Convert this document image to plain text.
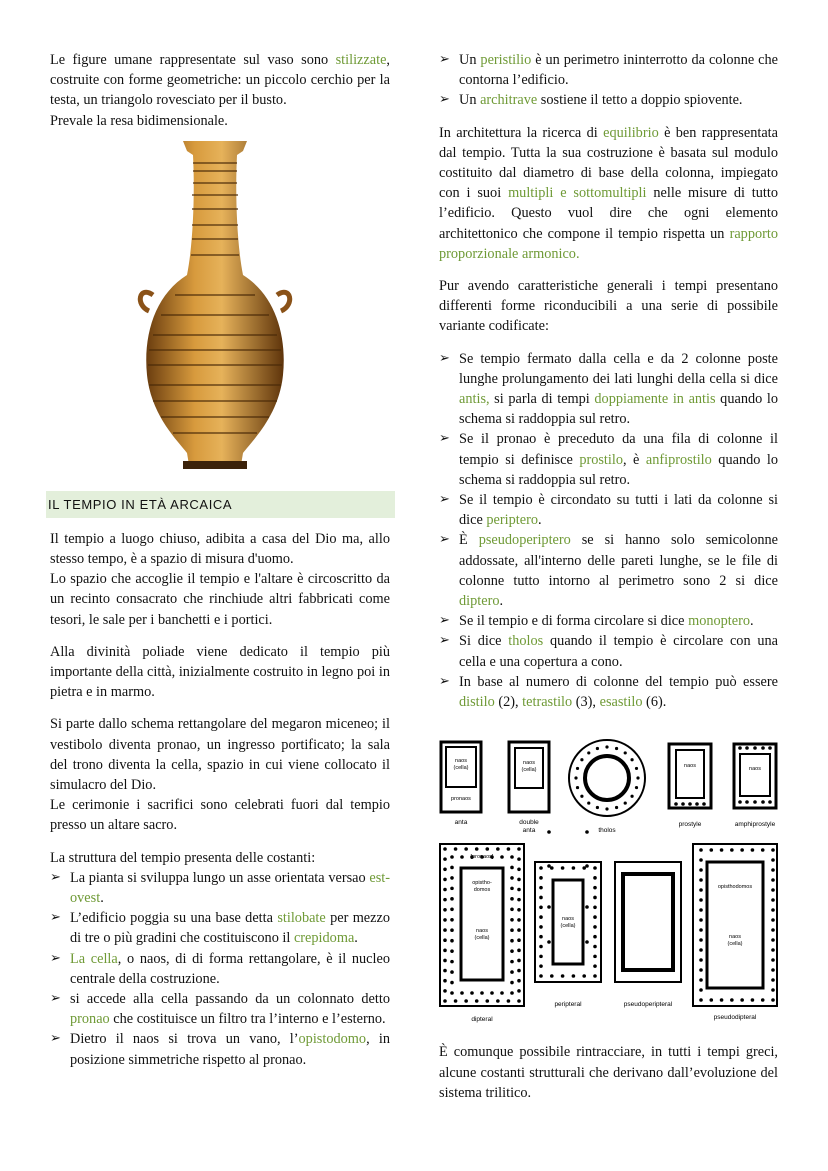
Le figure umane rappresentate sul vaso sono stilizzate, costruite con forme geometriche: un piccolo cerchio per la testa, un triangolo rovesciato per il busto.

Prevale la resa bidimensionale.

IL TEMPIO IN ETÀ ARCAICA

Il tempio a luogo chiuso, adibita a casa del Dio ma, allo stesso tempo, è a spazio di misura d'uomo.

Lo spazio che accoglie il tempio e l'altare è circoscritto da un recinto consacrato che rinchiude altri fabbricati come tesori, le sale per i banchetti e i portici.

Alla divinità poliade viene dedicato il tempio più importante della città, inizialmente costruito in legno poi in pietra e in marmo.

Si parte dallo schema rettangolare del megaron miceneo; il vestibolo diventa pronao, un ingresso portificato; la sala del trono diventa la cella, spazio in cui viene collocato il simulacro del Dio.

Le cerimonie i sacrifici sono celebrati fuori dal tempio presso un altare sacro.

La struttura del tempio presenta delle costanti:

➢ La pianta si sviluppa lungo un asse orientata versao est-ovest.
➢ L’edificio poggia su una base detta stilobate per mezzo di tre o più gradini che costituiscono il crepidoma.
➢ La cella, o naos, di di forma rettangolare, è il nucleo centrale della costruzione.
➢ si accede alla cella passando da un colonnato detto pronao che costituisce un filtro tra l’interno e l’esterno.
➢ Dietro il naos si trova un vano, l’opistodomo, in posizione simmetriche rispetto al pronao.
➢ Un peristilio è un perimetro ininterrotto da colonne che contorna l’edificio.
➢ Un architrave sostiene il tetto a doppio spiovente.

In architettura la ricerca di equilibrio è ben rappresentata dal tempio. Tutta la sua costruzione è basata sul modulo costituito dal diametro di base della colonna, impiegato con i suoi multipli e sottomultipli nelle misure di tutto l’edificio. Questo vuol dire che ogni elemento architettonico che compone il tempio rispetta un rapporto proporzionale armonico.

Pur avendo caratteristiche generali i tempi presentano differenti forme riconducibili a una serie di possibile variante codificate:

➢ Se tempio fermato dalla cella e da 2 colonne poste lunghe prolungamento dei lati lunghi della cella si dice antis, si parla di tempi doppiamente in antis quando lo schema si raddoppia sul retro.
➢ Se il pronao è preceduto da una fila di colonne il tempio si definisce prostilo, è anfiprostilo quando lo schema si raddoppia sul retro.
➢ Se il tempio è circondato su tutti i lati da colonne si dice periptero.
➢ È pseudoperiptero se si hanno solo semicolonne addossate, all'interno delle pareti lunghe, se le file di colonne tutto intorno al perimetro sono 2 si dice diptero.
➢ Se il tempio e di forma circolare si dice monoptero.
➢ Si dice tholos quando il tempio è circolare con una cella e una copertura a cono.
➢ In base al numero di colonne del tempio può essere distilo (2), tetrastilo (3), esastilo (6).
naos
(cella)
pronaos
naos
(cella)
naos	naos
[pronaos]
opistho-
domos
naos
(cella)
naos
(cella)
opisthodomos
naos
(cella)
anta	double
anta	tholos
prostyle	amphiprostyle
dipteral
peripteral	pseudoperipteral
pseudodipteral

È comunque possibile rintracciare, in tutti i tempi greci, alcune costanti strutturali che derivano dall’evoluzione del sistema trilitico.
